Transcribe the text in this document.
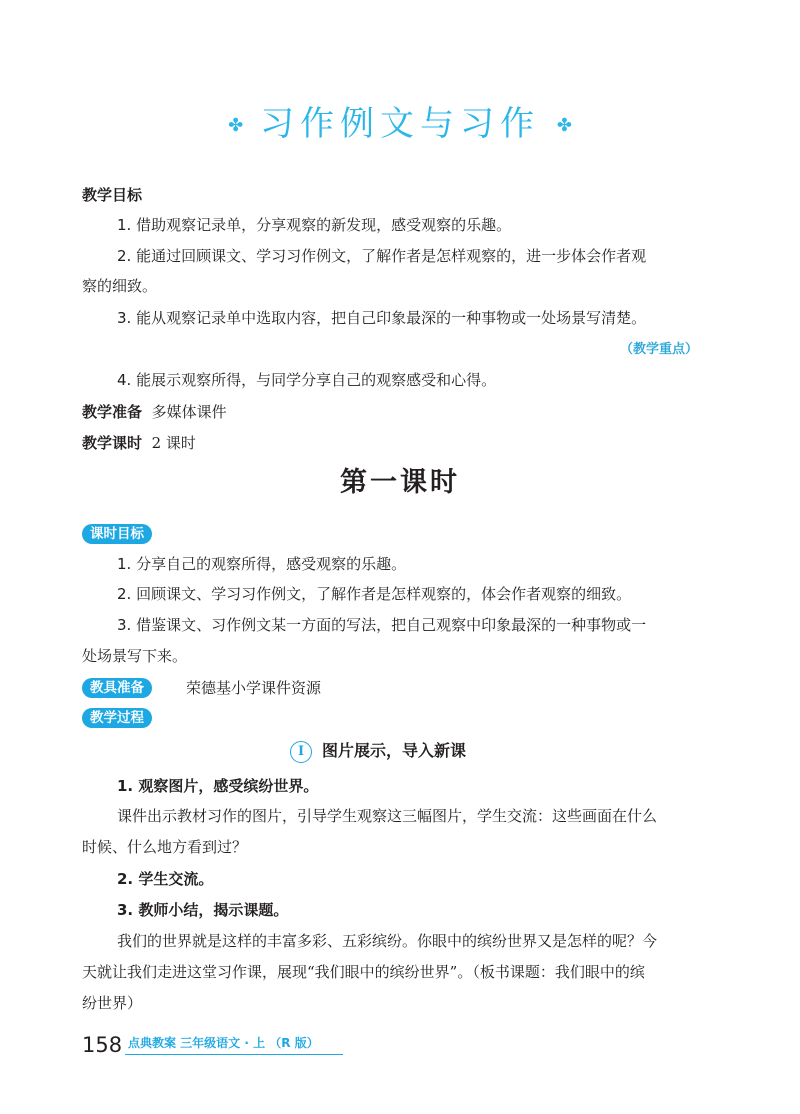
✤ 习作例文与习作 ✤
教学目标
1. 借助观察记录单，分享观察的新发现，感受观察的乐趣。
2. 能通过回顾课文、学习习作例文，了解作者是怎样观察的，进一步体会作者观
察的细致。
3. 能从观察记录单中选取内容，把自己印象最深的一种事物或一处场景写清楚。
（教学重点）
4. 能展示观察所得，与同学分享自己的观察感受和心得。
教学准备 多媒体课件
教学课时 2 课时
第一课时
课时目标
1. 分享自己的观察所得，感受观察的乐趣。
2. 回顾课文、学习习作例文，了解作者是怎样观察的，体会作者观察的细致。
3. 借鉴课文、习作例文某一方面的写法，把自己观察中印象最深的一种事物或一
处场景写下来。
教具准备	荣德基小学课件资源
教学过程
I 图片展示，导入新课
1. 观察图片，感受缤纷世界。
课件出示教材习作的图片，引导学生观察这三幅图片，学生交流：这些画面在什么
时候、什么地方看到过？
2. 学生交流。
3. 教师小结，揭示课题。
我们的世界就是这样的丰富多彩、五彩缤纷。你眼中的缤纷世界又是怎样的呢？今
天就让我们走进这堂习作课，展现“我们眼中的缤纷世界”。（板书课题：我们眼中的缤
纷世界）
158 点典教案 三年级语文 · 上 （R 版）
